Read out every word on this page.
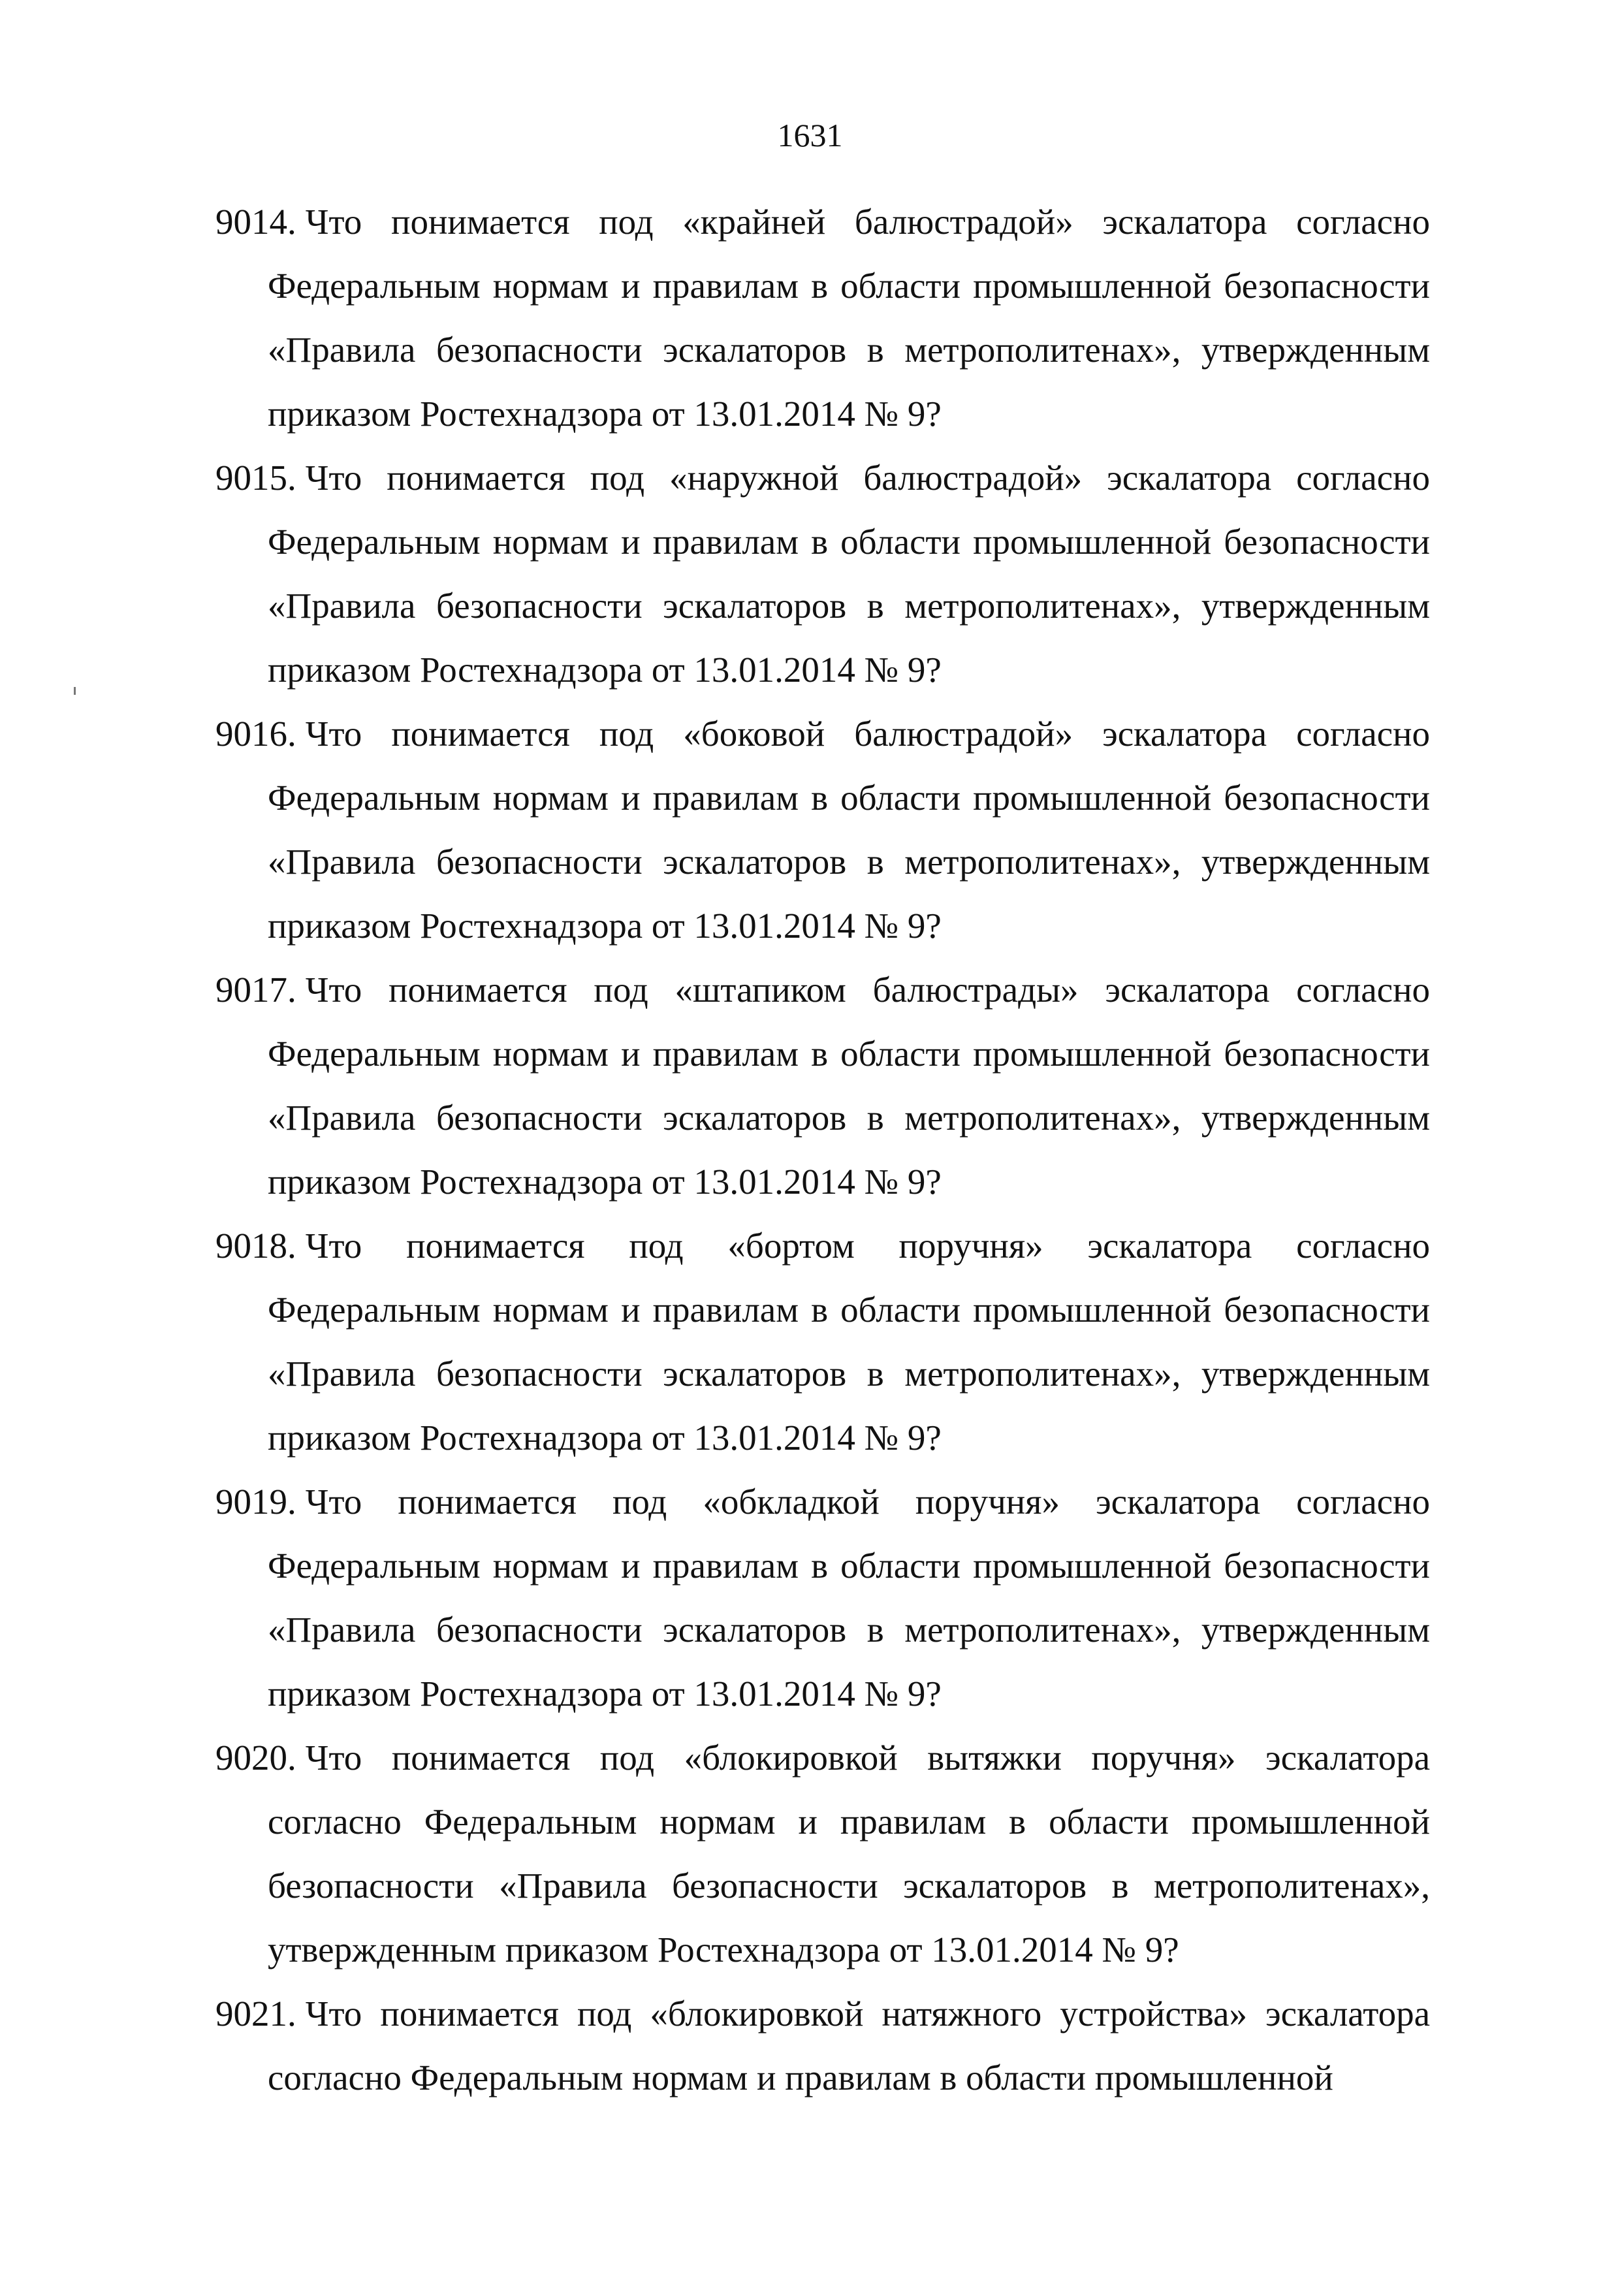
1631
9014. Что понимается под «крайней балюстрадой» эскалатора согласно Федеральным нормам и правилам в области промышленной безопасности «Правила безопасности эскалаторов в метрополитенах», утвержденным приказом Ростехнадзора от 13.01.2014 № 9?
9015. Что понимается под «наружной балюстрадой» эскалатора согласно Федеральным нормам и правилам в области промышленной безопасности «Правила безопасности эскалаторов в метрополитенах», утвержденным приказом Ростехнадзора от 13.01.2014 № 9?
9016. Что понимается под «боковой балюстрадой» эскалатора согласно Федеральным нормам и правилам в области промышленной безопасности «Правила безопасности эскалаторов в метрополитенах», утвержденным приказом Ростехнадзора от 13.01.2014 № 9?
9017. Что понимается под «штапиком балюстрады» эскалатора согласно Федеральным нормам и правилам в области промышленной безопасности «Правила безопасности эскалаторов в метрополитенах», утвержденным приказом Ростехнадзора от 13.01.2014 № 9?
9018. Что понимается под «бортом поручня» эскалатора согласно Федеральным нормам и правилам в области промышленной безопасности «Правила безопасности эскалаторов в метрополитенах», утвержденным приказом Ростехнадзора от 13.01.2014 № 9?
9019. Что понимается под «обкладкой поручня» эскалатора согласно Федеральным нормам и правилам в области промышленной безопасности «Правила безопасности эскалаторов в метрополитенах», утвержденным приказом Ростехнадзора от 13.01.2014 № 9?
9020. Что понимается под «блокировкой вытяжки поручня» эскалатора согласно Федеральным нормам и правилам в области промышленной безопасности «Правила безопасности эскалаторов в метрополитенах», утвержденным приказом Ростехнадзора от 13.01.2014 № 9?
9021. Что понимается под «блокировкой натяжного устройства» эскалатора согласно Федеральным нормам и правилам в области промышленной
